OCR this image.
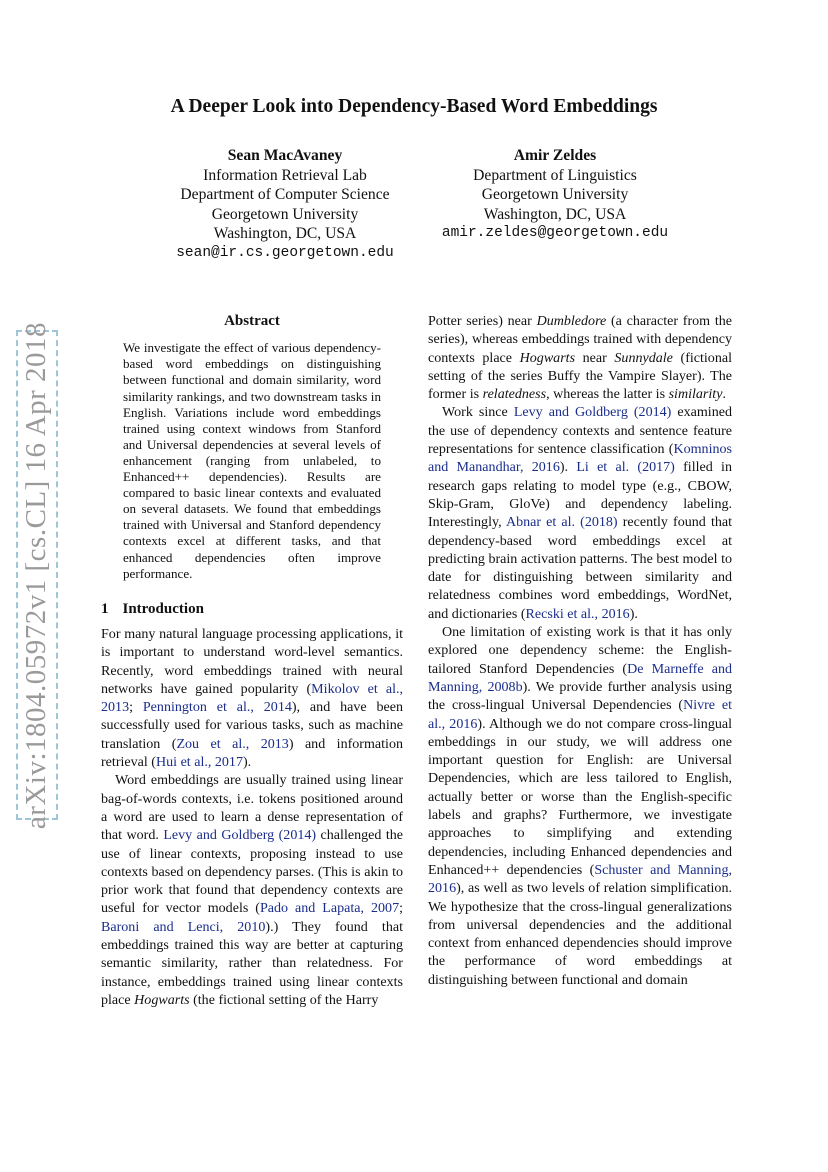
arXiv:1804.05972v1 [cs.CL] 16 Apr 2018
A Deeper Look into Dependency-Based Word Embeddings
Sean MacAvaney
Information Retrieval Lab
Department of Computer Science
Georgetown University
Washington, DC, USA
sean@ir.cs.georgetown.edu
Amir Zeldes
Department of Linguistics
Georgetown University
Washington, DC, USA
amir.zeldes@georgetown.edu
Abstract
We investigate the effect of various dependency-based word embeddings on distinguishing between functional and domain similarity, word similarity rankings, and two downstream tasks in English. Variations include word embeddings trained using context windows from Stanford and Universal dependencies at several levels of enhancement (ranging from unlabeled, to Enhanced++ dependencies). Results are compared to basic linear contexts and evaluated on several datasets. We found that embeddings trained with Universal and Stanford dependency contexts excel at different tasks, and that enhanced dependencies often improve performance.
1 Introduction

For many natural language processing applications, it is important to understand word-level semantics. Recently, word embeddings trained with neural networks have gained popularity (Mikolov et al., 2013; Pennington et al., 2014), and have been successfully used for various tasks, such as machine translation (Zou et al., 2013) and information retrieval (Hui et al., 2017).

Word embeddings are usually trained using linear bag-of-words contexts, i.e. tokens positioned around a word are used to learn a dense representation of that word. Levy and Goldberg (2014) challenged the use of linear contexts, proposing instead to use contexts based on dependency parses. (This is akin to prior work that found that dependency contexts are useful for vector models (Pado and Lapata, 2007; Baroni and Lenci, 2010).) They found that embeddings trained this way are better at capturing semantic similarity, rather than relatedness. For instance, embeddings trained using linear contexts place Hogwarts (the fictional setting of the Harry

Potter series) near Dumbledore (a character from the series), whereas embeddings trained with dependency contexts place Hogwarts near Sunnydale (fictional setting of the series Buffy the Vampire Slayer). The former is relatedness, whereas the latter is similarity.

Work since Levy and Goldberg (2014) examined the use of dependency contexts and sentence feature representations for sentence classification (Komninos and Manandhar, 2016). Li et al. (2017) filled in research gaps relating to model type (e.g., CBOW, Skip-Gram, GloVe) and dependency labeling. Interestingly, Abnar et al. (2018) recently found that dependency-based word embeddings excel at predicting brain activation patterns. The best model to date for distinguishing between similarity and relatedness combines word embeddings, WordNet, and dictionaries (Recski et al., 2016).

One limitation of existing work is that it has only explored one dependency scheme: the English-tailored Stanford Dependencies (De Marneffe and Manning, 2008b). We provide further analysis using the cross-lingual Universal Dependencies (Nivre et al., 2016). Although we do not compare cross-lingual embeddings in our study, we will address one important question for English: are Universal Dependencies, which are less tailored to English, actually better or worse than the English-specific labels and graphs? Furthermore, we investigate approaches to simplifying and extending dependencies, including Enhanced dependencies and Enhanced++ dependencies (Schuster and Manning, 2016), as well as two levels of relation simplification. We hypothesize that the cross-lingual generalizations from universal dependencies and the additional context from enhanced dependencies should improve the performance of word embeddings at distinguishing between functional and domain
